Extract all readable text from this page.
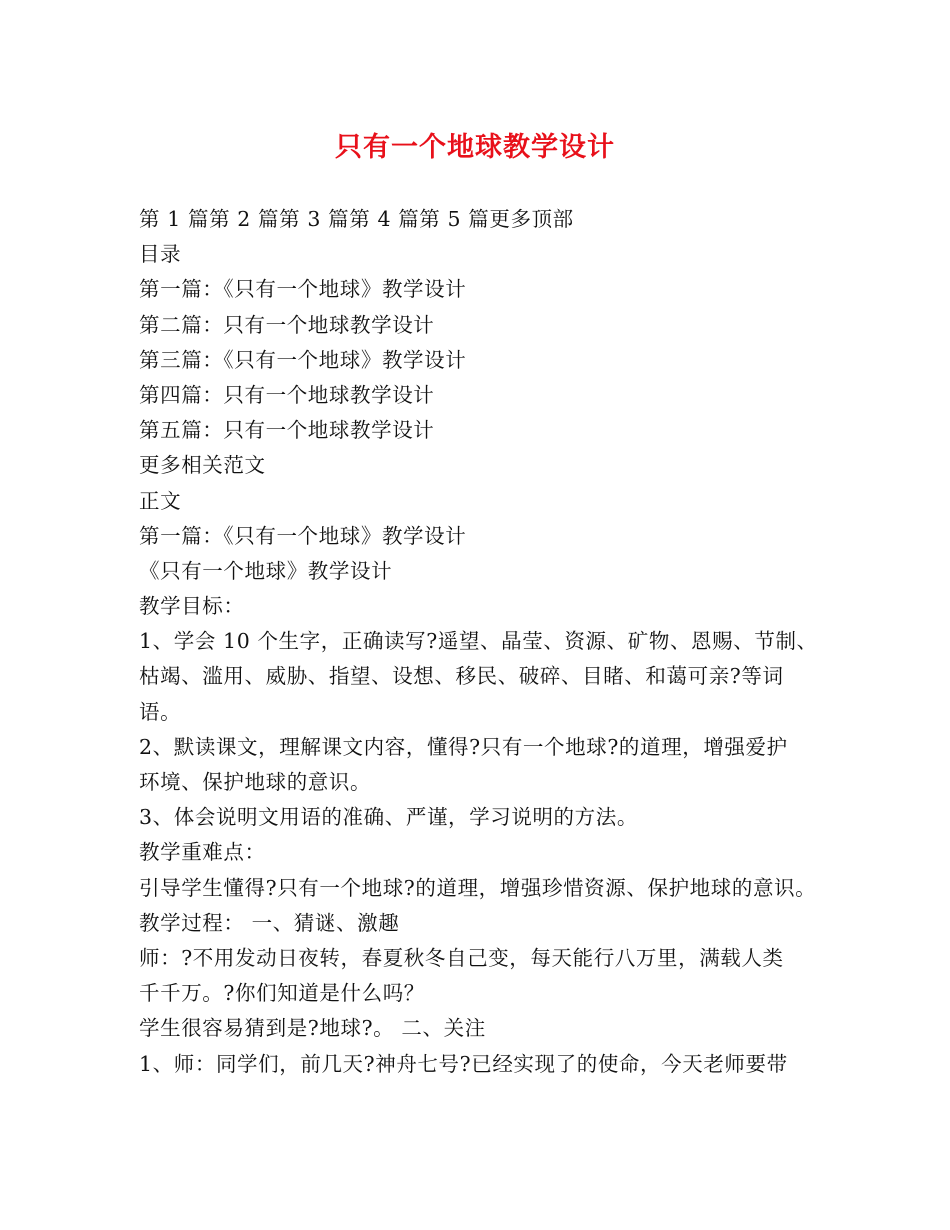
只有一个地球教学设计
第 1 篇第 2 篇第 3 篇第 4 篇第 5 篇更多顶部
目录
第一篇：《只有一个地球》教学设计
第二篇：只有一个地球教学设计
第三篇：《只有一个地球》教学设计
第四篇：只有一个地球教学设计
第五篇：只有一个地球教学设计
更多相关范文
正文
第一篇：《只有一个地球》教学设计
《只有一个地球》教学设计
教学目标：
1、学会 10 个生字，正确读写?遥望、晶莹、资源、矿物、恩赐、节制、
枯竭、滥用、威胁、指望、设想、移民、破碎、目睹、和蔼可亲?等词
语。
2、默读课文，理解课文内容，懂得?只有一个地球?的道理，增强爱护
环境、保护地球的意识。
3、体会说明文用语的准确、严谨，学习说明的方法。
教学重难点：
引导学生懂得?只有一个地球?的道理，增强珍惜资源、保护地球的意识。
教学过程： 一、猜谜、激趣
师：?不用发动日夜转，春夏秋冬自己变，每天能行八万里，满载人类
千千万。?你们知道是什么吗？
学生很容易猜到是?地球?。 二、关注
1、师：同学们，前几天?神舟七号?已经实现了的使命，今天老师要带
